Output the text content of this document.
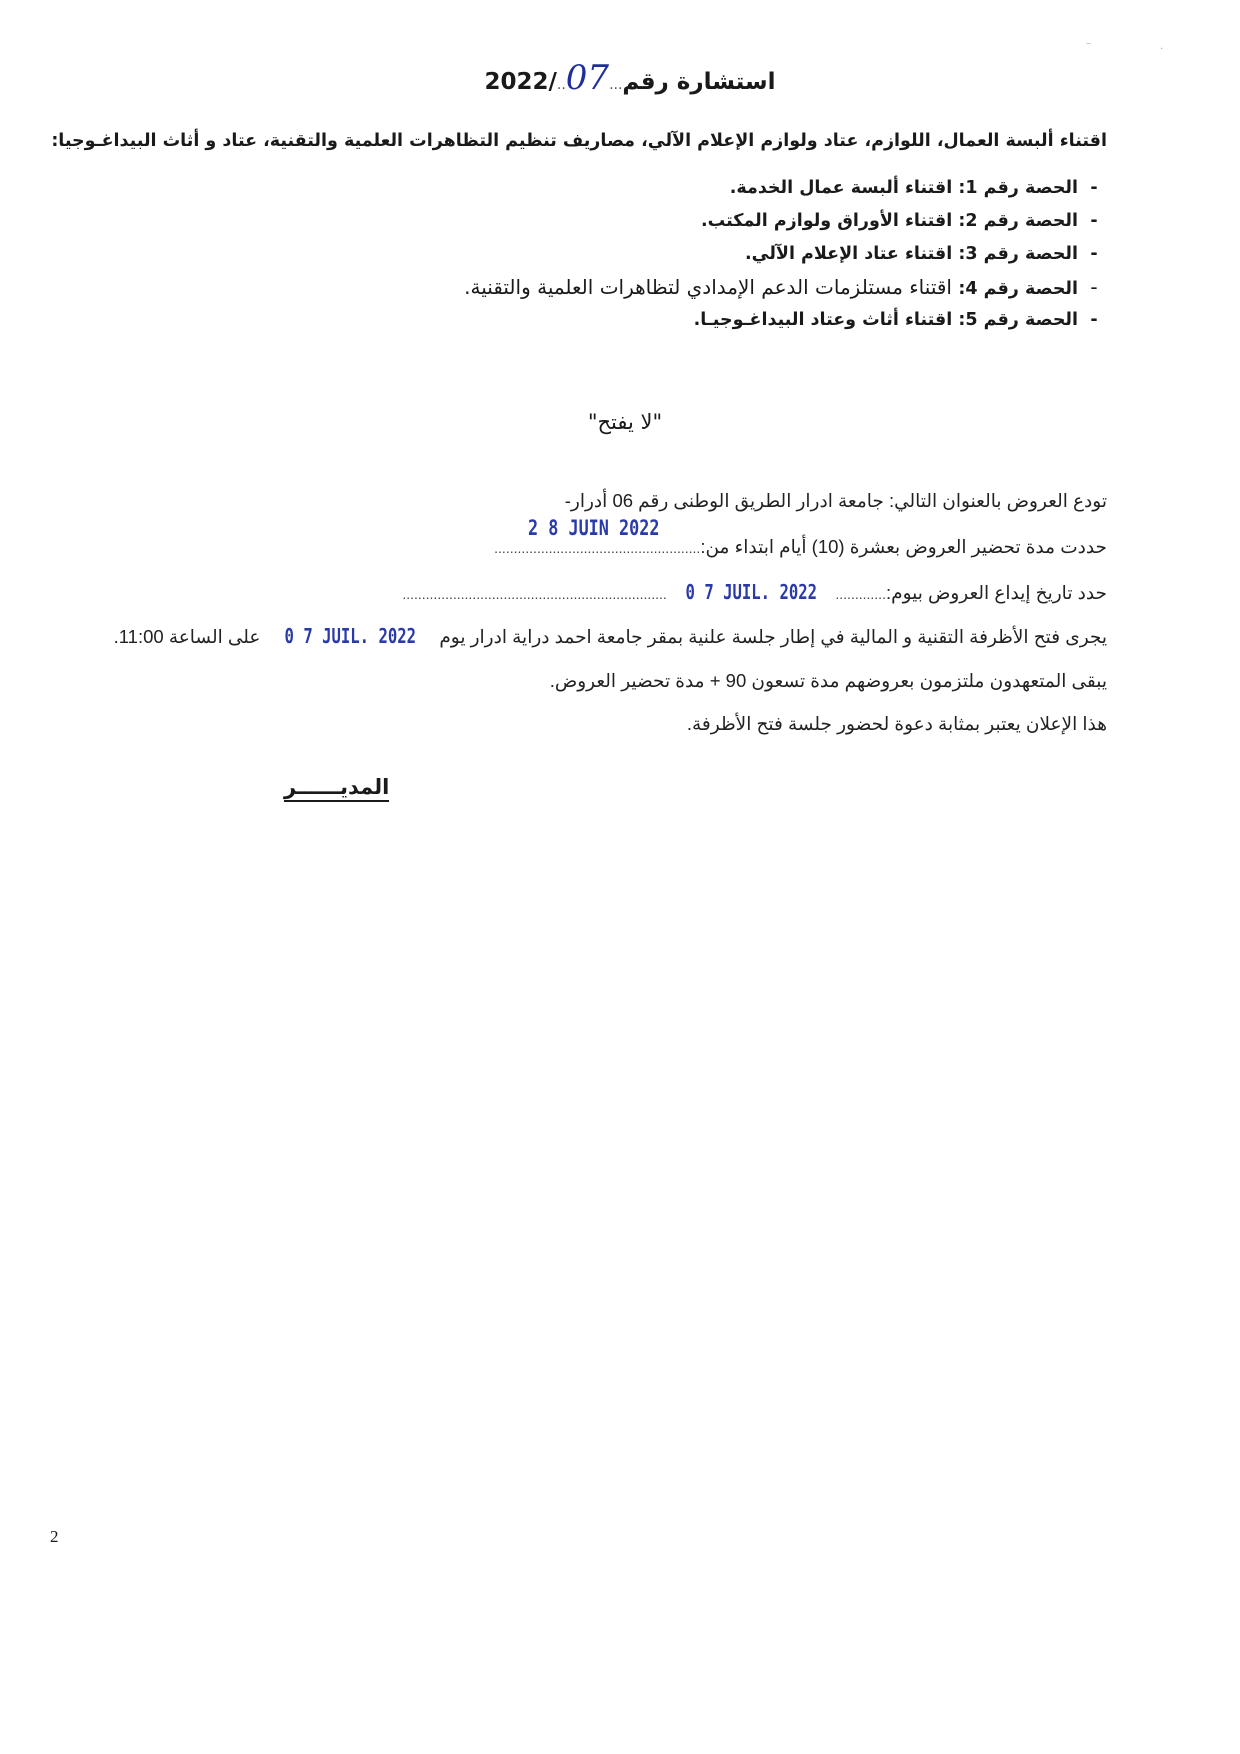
–
·
2022/..07...استشارة رقم
اقتناء ألبسة العمال، اللوازم، عتاد ولوازم الإعلام الآلي، مصاريف تنظيم التظاهرات العلمية والتقنية، عتاد و أثاث البيداغـوجيا:
-الحصة رقم 1: اقتناء ألبسة عمال الخدمة.
-الحصة رقم 2: اقتناء الأوراق ولوازم المكتب.
-الحصة رقم 3: اقتناء عتاد الإعلام الآلي.
-الحصة رقم 4: اقتناء مستلزمات الدعم الإمدادي لتظاهرات العلمية والتقنية.
-الحصة رقم 5: اقتناء أثاث وعتاد البيداغـوجيـا.
"لا يفتح"
تودع العروض بالعنوان التالي: جامعة ادرار الطريق الوطنى رقم 06 أدرار-
2 8 JUIN 2022
حددت مدة تحضير العروض بعشرة (10) أيام ابتداء من:.....................................................
حدد تاريخ إيداع العروض بيوم:.............0 7 JUIL. 2022....................................................................
يجرى فتح الأظرفة التقنية و المالية في إطار جلسة علنية بمقر جامعة احمد دراية ادرار يوم 0 7 JUIL. 2022 على الساعة 11:00.
يبقى المتعهدون ملتزمون بعروضهم مدة تسعون 90 + مدة تحضير العروض.
هذا الإعلان يعتبر بمثابة دعوة لحضور جلسة فتح الأظرفة.
المديــــــر
2
